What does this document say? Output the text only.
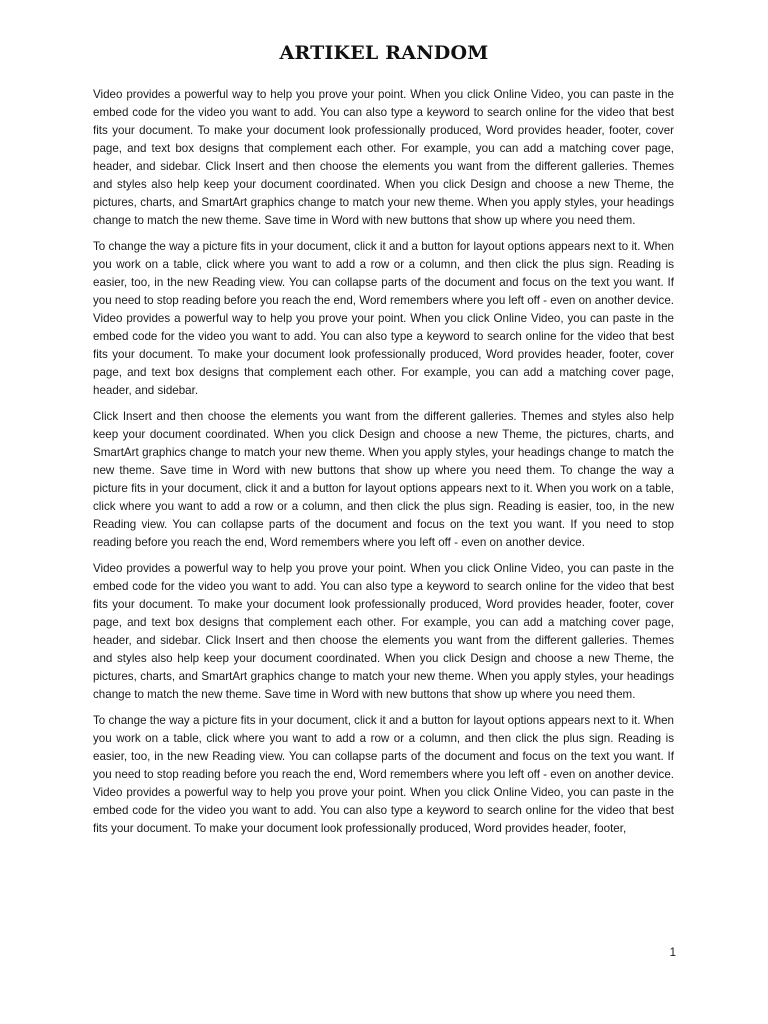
ARTIKEL RANDOM

Video provides a powerful way to help you prove your point. When you click Online Video, you can paste in the embed code for the video you want to add. You can also type a keyword to search online for the video that best fits your document. To make your document look professionally produced, Word provides header, footer, cover page, and text box designs that complement each other. For example, you can add a matching cover page, header, and sidebar. Click Insert and then choose the elements you want from the different galleries. Themes and styles also help keep your document coordinated. When you click Design and choose a new Theme, the pictures, charts, and SmartArt graphics change to match your new theme. When you apply styles, your headings change to match the new theme. Save time in Word with new buttons that show up where you need them.

To change the way a picture fits in your document, click it and a button for layout options appears next to it. When you work on a table, click where you want to add a row or a column, and then click the plus sign. Reading is easier, too, in the new Reading view. You can collapse parts of the document and focus on the text you want. If you need to stop reading before you reach the end, Word remembers where you left off - even on another device. Video provides a powerful way to help you prove your point. When you click Online Video, you can paste in the embed code for the video you want to add. You can also type a keyword to search online for the video that best fits your document. To make your document look professionally produced, Word provides header, footer, cover page, and text box designs that complement each other. For example, you can add a matching cover page, header, and sidebar.

Click Insert and then choose the elements you want from the different galleries. Themes and styles also help keep your document coordinated. When you click Design and choose a new Theme, the pictures, charts, and SmartArt graphics change to match your new theme. When you apply styles, your headings change to match the new theme. Save time in Word with new buttons that show up where you need them. To change the way a picture fits in your document, click it and a button for layout options appears next to it. When you work on a table, click where you want to add a row or a column, and then click the plus sign. Reading is easier, too, in the new Reading view. You can collapse parts of the document and focus on the text you want. If you need to stop reading before you reach the end, Word remembers where you left off - even on another device.

Video provides a powerful way to help you prove your point. When you click Online Video, you can paste in the embed code for the video you want to add. You can also type a keyword to search online for the video that best fits your document. To make your document look professionally produced, Word provides header, footer, cover page, and text box designs that complement each other. For example, you can add a matching cover page, header, and sidebar. Click Insert and then choose the elements you want from the different galleries. Themes and styles also help keep your document coordinated. When you click Design and choose a new Theme, the pictures, charts, and SmartArt graphics change to match your new theme. When you apply styles, your headings change to match the new theme. Save time in Word with new buttons that show up where you need them.

To change the way a picture fits in your document, click it and a button for layout options appears next to it. When you work on a table, click where you want to add a row or a column, and then click the plus sign. Reading is easier, too, in the new Reading view. You can collapse parts of the document and focus on the text you want. If you need to stop reading before you reach the end, Word remembers where you left off - even on another device. Video provides a powerful way to help you prove your point. When you click Online Video, you can paste in the embed code for the video you want to add. You can also type a keyword to search online for the video that best fits your document. To make your document look professionally produced, Word provides header, footer,

1
